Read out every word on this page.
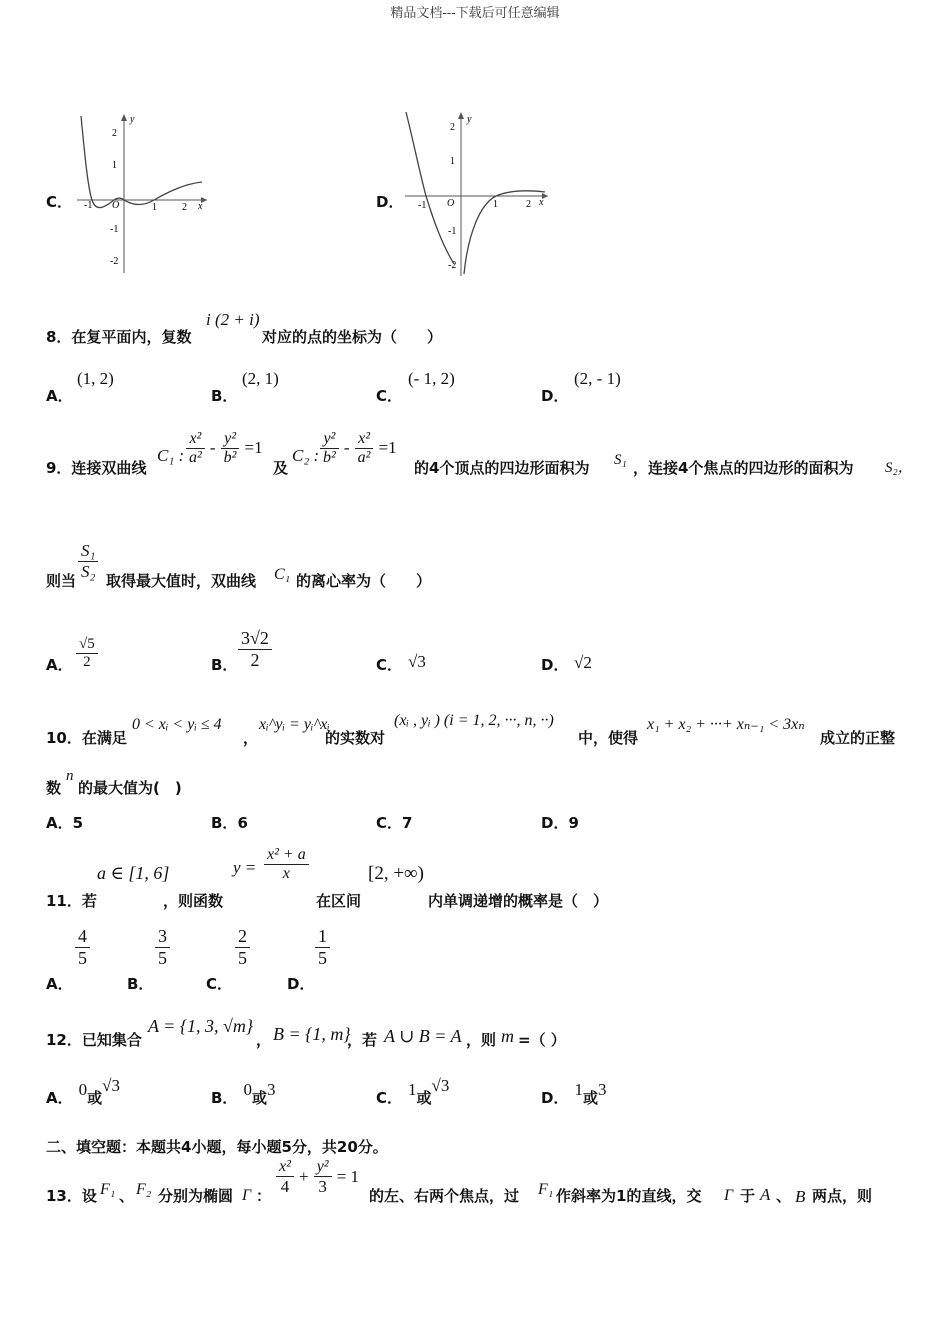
精品文档---下载后可任意编辑
C．
y
x
2
1
-1
-2
-1 O	1	2	D．
y
x
2
1
-1
-2
-1 O	1	2
8．在复平面内，复数
i (2 + i)
对应的点的坐标为（　　）
A．
(1, 2)
B．
(2, 1)
C．
(- 1, 2)
D．
(2, - 1)
9．连接双曲线
C₁ : $\frac{\text{x²}}{\text{a²}} - \frac{\text{y²}}{\text{b²}} =1$
及
C₂ : $\frac{\text{y²}}{\text{b²}} - \frac{\text{x²}}{\text{a²}} =1$
的4个顶点的四边形面积为 S₁ ，连接4个焦点的四边形的面积为 S₂，
则当 $\frac{\text{S₁}}{\text{S₂}}$ 取得最大值时，双曲线 C₁ 的离心率为（　　）
A． $\frac{√5}{2}$	B． $\frac{3√2}{2}$	C． √3	D． √2
10．在满足
0 < xᵢ < yᵢ ≤ 4
，
xᵢ^yᵢ = yᵢ^xᵢ
的实数对
(xᵢ , yᵢ ) (i = 1, 2, ···, n, ··)
中，使得
x₁ + x₂ + ···+ xₙ₋₁ < 3xₙ
成立的正整
数
n
的最大值为(　)
A．5	B．6	C．7	D．9
11．若
a ∈ [1, 6]
，则函数
$y = \frac{\text{x² + a}}{x}$
在区间
[2, +∞)
内单调递增的概率是（　）
A．
$\frac{4}{5}$
B．
$\frac{3}{5}$
C．
$\frac{2}{5}$
D．
$\frac{1}{5}$
12．已知集合
A = {1, 3, √m}
， B = {1, m}
，若 A ∪ B = A ，则 m =（ ）
A． 0或√3
B． 0或3	C． 1或√3
D． 1或3
二、填空题：本题共4小题，每小题5分，共20分。
13．设 F₁ 、 F₂ 分别为椭圆 Γ ： $\frac{\text{x²}}{4} + \frac{\text{y²}}{3} = 1$
的左、右两个焦点，过 F₁ 作斜率为1的直线，交 Γ 于 A 、 B 两点，则
